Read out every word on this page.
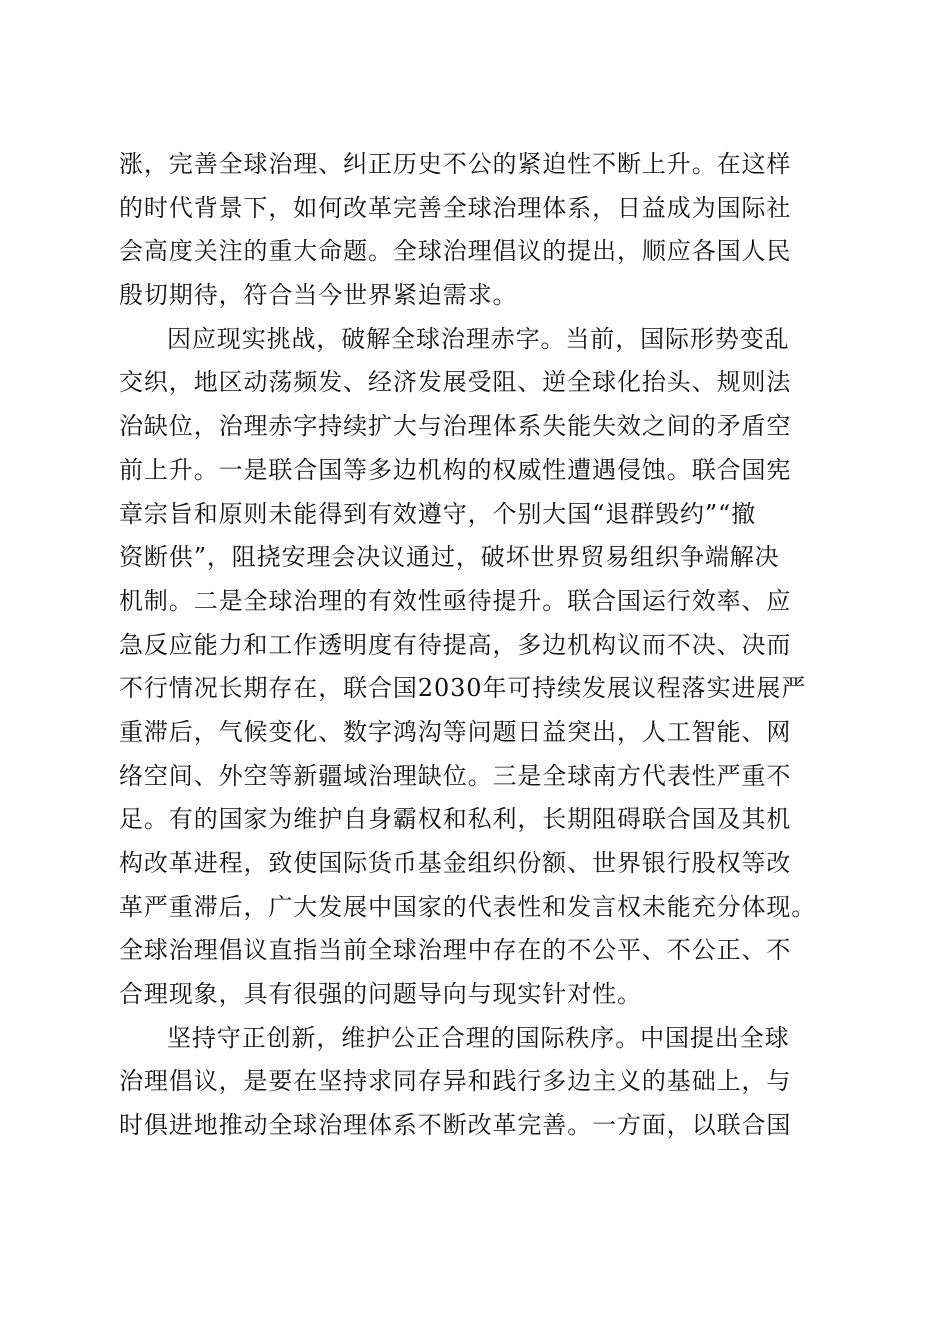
涨，完善全球治理、纠正历史不公的紧迫性不断上升。在这样
的时代背景下，如何改革完善全球治理体系，日益成为国际社
会高度关注的重大命题。全球治理倡议的提出，顺应各国人民
殷切期待，符合当今世界紧迫需求。
因应现实挑战，破解全球治理赤字。当前，国际形势变乱
交织，地区动荡频发、经济发展受阻、逆全球化抬头、规则法
治缺位，治理赤字持续扩大与治理体系失能失效之间的矛盾空
前上升。一是联合国等多边机构的权威性遭遇侵蚀。联合国宪
章宗旨和原则未能得到有效遵守，个别大国“退群毁约”“撤
资断供”，阻挠安理会决议通过，破坏世界贸易组织争端解决
机制。二是全球治理的有效性亟待提升。联合国运行效率、应
急反应能力和工作透明度有待提高，多边机构议而不决、决而
不行情况长期存在，联合国2030年可持续发展议程落实进展严
重滞后，气候变化、数字鸿沟等问题日益突出，人工智能、网
络空间、外空等新疆域治理缺位。三是全球南方代表性严重不
足。有的国家为维护自身霸权和私利，长期阻碍联合国及其机
构改革进程，致使国际货币基金组织份额、世界银行股权等改
革严重滞后，广大发展中国家的代表性和发言权未能充分体现。
全球治理倡议直指当前全球治理中存在的不公平、不公正、不
合理现象，具有很强的问题导向与现实针对性。
坚持守正创新，维护公正合理的国际秩序。中国提出全球
治理倡议，是要在坚持求同存异和践行多边主义的基础上，与
时俱进地推动全球治理体系不断改革完善。一方面，以联合国
